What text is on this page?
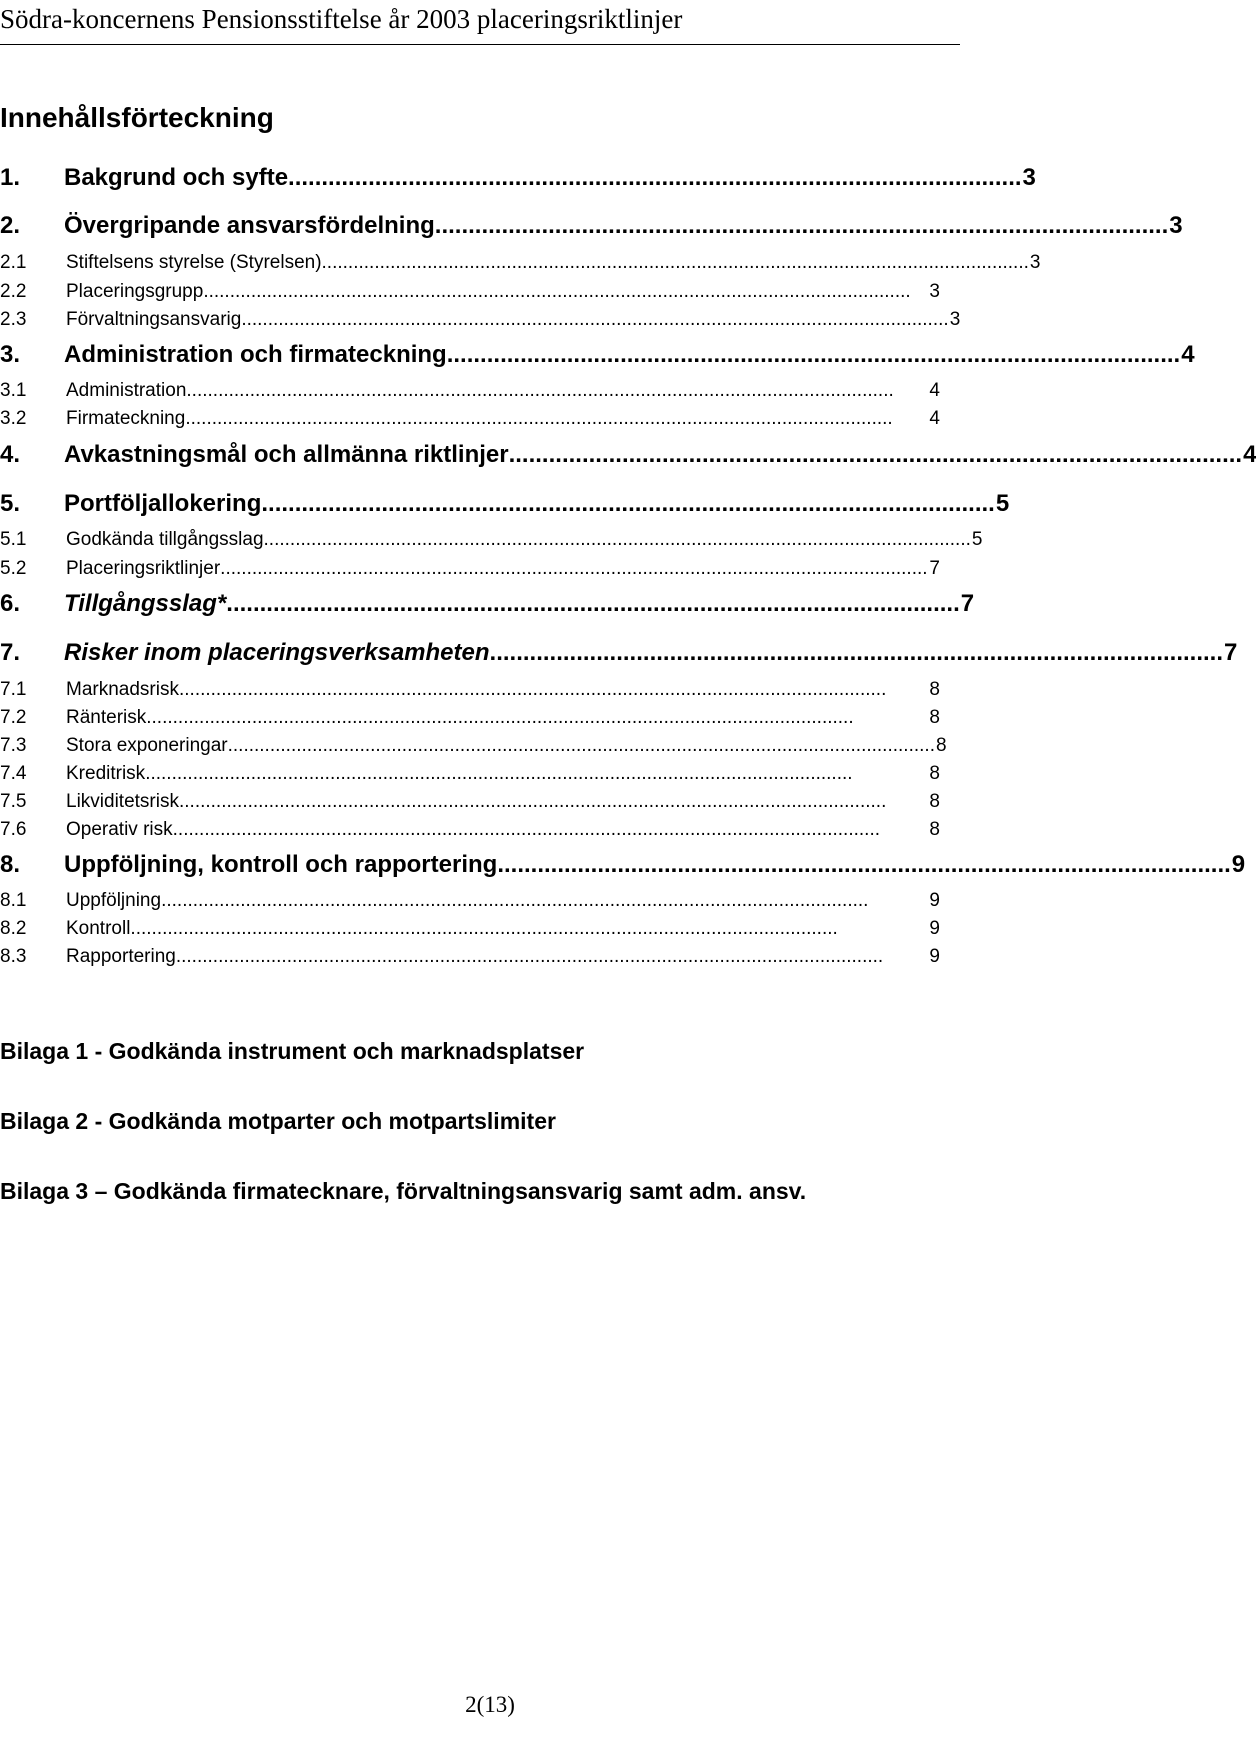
Södra-koncernens Pensionsstiftelse år 2003 placeringsriktlinjer
Innehållsförteckning
1.	Bakgrund och syfte .............................................................................................................. 3
2.	Övergripande ansvarsfördelning .............................................................................................................. 3
2.1	Stiftelsens styrelse (Styrelsen) ...................................................................................................................................... 3
2.2	Placeringsgrupp ...................................................................................................................................... 3
2.3	Förvaltningsansvarig ...................................................................................................................................... 3
3.	Administration och firmateckning .............................................................................................................. 4
3.1	Administration ......................................................................................................................................	4
3.2	Firmateckning ......................................................................................................................................	4
4.	Avkastningsmål och allmänna riktlinjer .............................................................................................................. 4
5.	Portföljallokering .............................................................................................................. 5
5.1	Godkända tillgångsslag ...................................................................................................................................... 5
5.2	Placeringsriktlinjer ...................................................................................................................................... 7
6.	Tillgångsslag* .............................................................................................................. 7
7.	Risker inom placeringsverksamheten .............................................................................................................. 7
7.1	Marknadsrisk ......................................................................................................................................	8
7.2	Ränterisk ......................................................................................................................................	8
7.3	Stora exponeringar ...................................................................................................................................... 8
7.4	Kreditrisk ......................................................................................................................................	8
7.5	Likviditetsrisk ......................................................................................................................................	8
7.6	Operativ risk ......................................................................................................................................	8
8.	Uppföljning, kontroll och rapportering .............................................................................................................. 9
8.1	Uppföljning ......................................................................................................................................	9
8.2	Kontroll ......................................................................................................................................	9
8.3	Rapportering ......................................................................................................................................	9
Bilaga 1 - Godkända instrument och marknadsplatser
Bilaga 2 - Godkända motparter och motpartslimiter
Bilaga 3 – Godkända firmatecknare, förvaltningsansvarig samt adm. ansv.
2(13)
